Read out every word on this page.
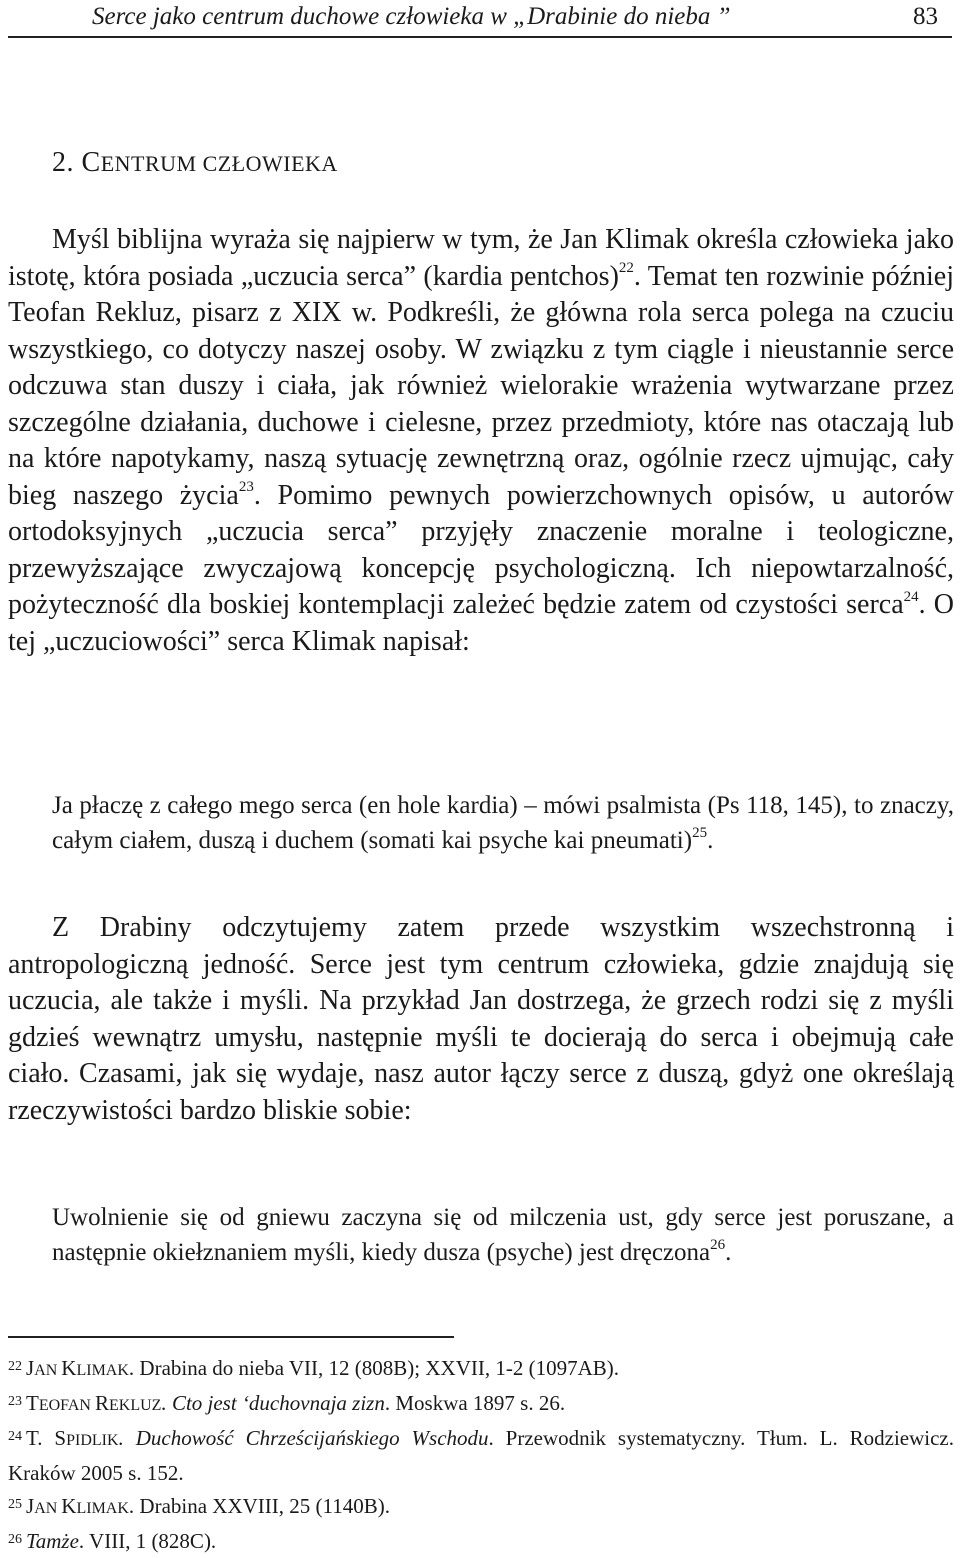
Serce jako centrum duchowe człowieka w „Drabinie do nieba ”	83
2. CENTRUM CZŁOWIEKA

Myśl biblijna wyraża się najpierw w tym, że Jan Klimak określa człowieka jako istotę, która posiada „uczucia serca” (kardia pentchos)$^{22}$. Temat ten rozwinie później Teofan Rekluz, pisarz z XIX w. Podkreśli, że główna rola serca polega na czuciu wszystkiego, co dotyczy naszej osoby. W związku z tym ciągle i nieustannie serce odczuwa stan duszy i ciała, jak również wielorakie wrażenia wytwarzane przez szczególne działania, duchowe i cielesne, przez przedmioty, które nas otaczają lub na które napotykamy, naszą sytuację zewnętrzną oraz, ogólnie rzecz ujmując, cały bieg naszego życia$^{23}$. Pomimo pewnych powierzchownych opisów, u autorów ortodoksyjnych „uczucia serca” przyjęły znaczenie moralne i teologiczne, przewyższające zwyczajową koncepcję psychologiczną. Ich niepowtarzalność, pożyteczność dla boskiej kontemplacji zależeć będzie zatem od czystości serca$^{24}$. O tej „uczuciowości” serca Klimak napisał:

Ja płaczę z całego mego serca (en hole kardia) ‒ mówi psalmista (Ps 118, 145), to znaczy, całym ciałem, duszą i duchem (somati kai psyche kai pneumati)$^{25}$.

Z Drabiny odczytujemy zatem przede wszystkim wszechstronną i antropologiczną jedność. Serce jest tym centrum człowieka, gdzie znajdują się uczucia, ale także i myśli. Na przykład Jan dostrzega, że grzech rodzi się z myśli gdzieś wewnątrz umysłu, następnie myśli te docierają do serca i obejmują całe ciało. Czasami, jak się wydaje, nasz autor łączy serce z duszą, gdyż one określają rzeczywistości bardzo bliskie sobie:

Uwolnienie się od gniewu zaczyna się od milczenia ust, gdy serce jest poruszane, a następnie okiełznaniem myśli, kiedy dusza (psyche) jest dręczona$^{26}$.

$^{22}$ JAN KLIMAK. Drabina do nieba VII, 12 (808B); XXVII, 1-2 (1097AB).

$^{23}$ TEOFAN REKLUZ. Cto jest ‘duchovnaja zizn. Moskwa 1897 s. 26.

$^{24}$ T. SPIDLIK. Duchowość Chrześcijańskiego Wschodu. Przewodnik systematyczny. Tłum. L. Rodziewicz. Kraków 2005 s. 152.

$^{25}$ JAN KLIMAK. Drabina XXVIII, 25 (1140B).

$^{26}$ Tamże. VIII, 1 (828C).
